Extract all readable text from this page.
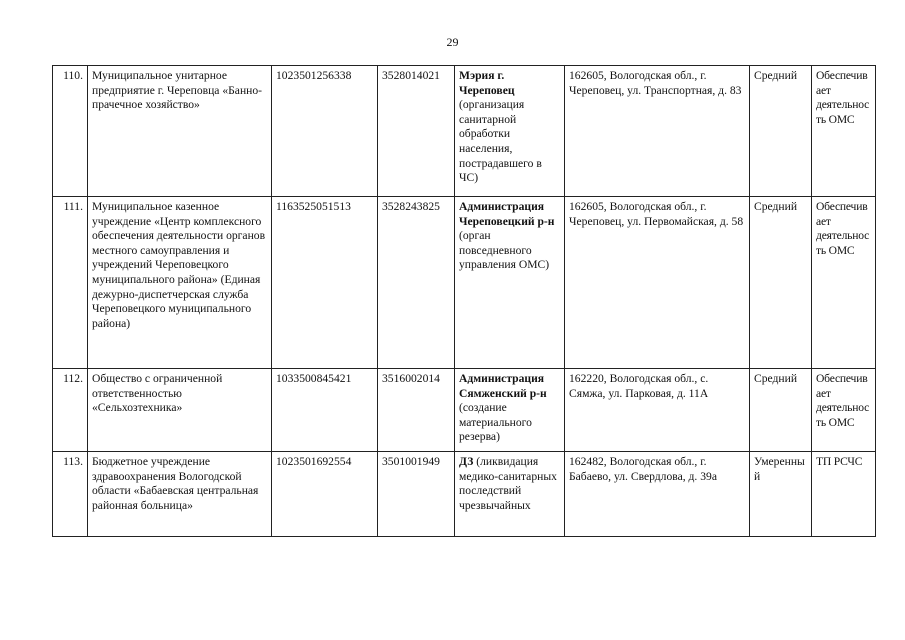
29
110.	Муниципальное унитарное предприятие г. Череповца «Банно-прачечное хозяйство»	1023501256338	3528014021	Мэрия г. Череповец (организация санитарной обработки населения, пострадавшего в ЧС)	162605, Вологодская обл., г. Череповец, ул. Транспортная, д. 83	Средний	Обеспечивает деятельность ОМС
111.	Муниципальное казенное учреждение «Центр комплексного обеспечения деятельности органов местного самоуправления и учреждений Череповецкого муниципального района» (Единая дежурно-диспетчерская служба Череповецкого муниципального района)	1163525051513	3528243825	Администрация Череповецкий р-н (орган повседневного управления ОМС)	162605, Вологодская обл., г. Череповец, ул. Первомайская, д. 58	Средний	Обеспечивает деятельность ОМС
112.	Общество с ограниченной ответственностью «Сельхозтехника»	1033500845421	3516002014	Администрация Сямженский р-н (создание материального резерва)	162220, Вологодская обл., с. Сямжа, ул. Парковая, д. 11А	Средний	Обеспечивает деятельность ОМС
113.	Бюджетное учреждение здравоохранения Вологодской области «Бабаевская центральная районная больница»	1023501692554	3501001949	ДЗ (ликвидация медико-санитарных последствий чрезвычайных	162482, Вологодская обл., г. Бабаево, ул. Свердлова, д. 39а	Умеренный	ТП РСЧС
